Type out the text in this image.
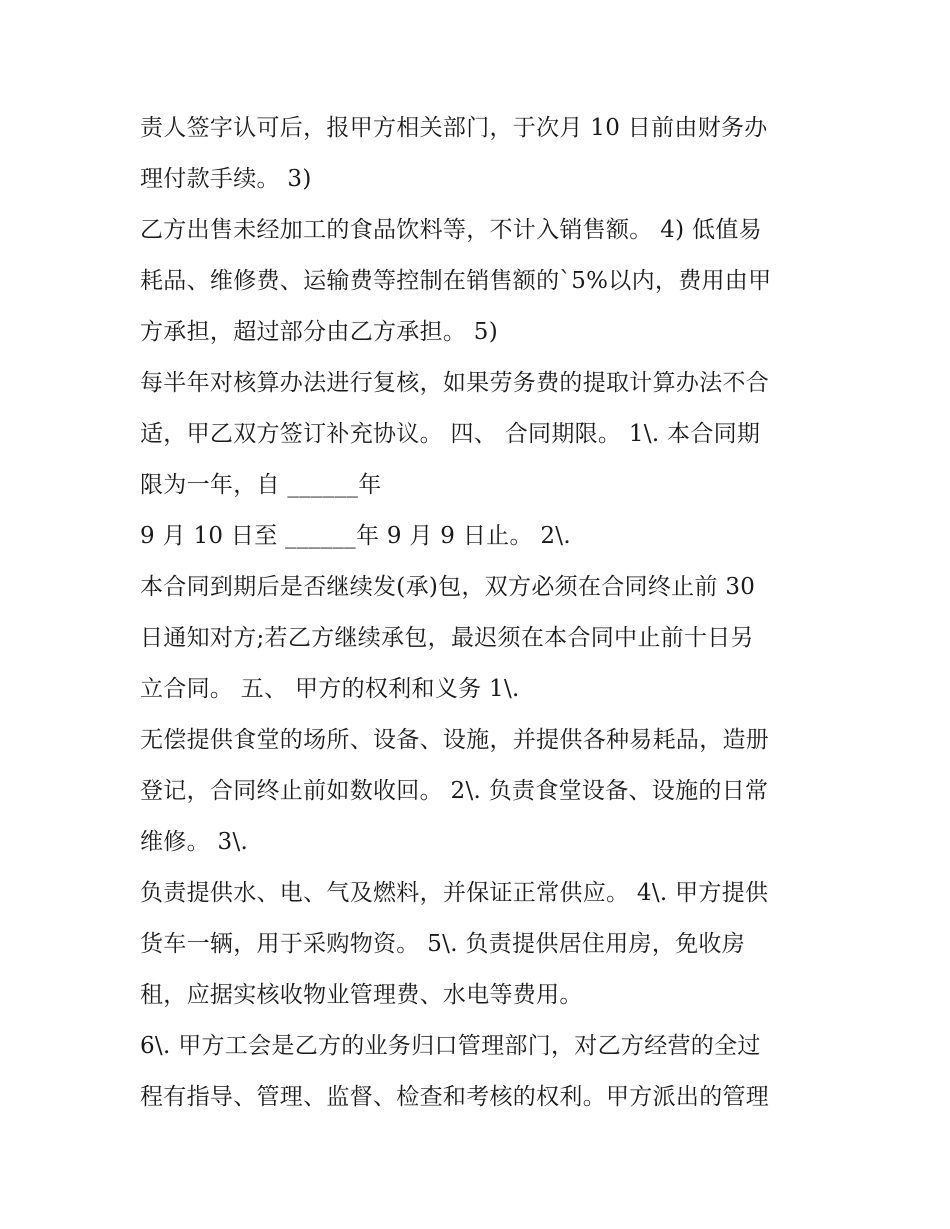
责人签字认可后，报甲方相关部门，于次月 10 日前由财务办
理付款手续。 3)
乙方出售未经加工的食品饮料等，不计入销售额。 4) 低值易
耗品、维修费、运输费等控制在销售额的`5%以内，费用由甲
方承担，超过部分由乙方承担。 5)
每半年对核算办法进行复核，如果劳务费的提取计算办法不合
适，甲乙双方签订补充协议。 四、 合同期限。 1\. 本合同期
限为一年，自 ______年
9 月 10 日至 ______年 9 月 9 日止。 2\.
本合同到期后是否继续发(承)包，双方必须在合同终止前 30
日通知对方;若乙方继续承包，最迟须在本合同中止前十日另
立合同。 五、 甲方的权利和义务 1\.
无偿提供食堂的场所、设备、设施，并提供各种易耗品，造册
登记，合同终止前如数收回。 2\. 负责食堂设备、设施的日常
维修。 3\.
负责提供水、电、气及燃料，并保证正常供应。 4\. 甲方提供
货车一辆，用于采购物资。 5\. 负责提供居住用房，免收房
租，应据实核收物业管理费、水电等费用。
6\. 甲方工会是乙方的业务归口管理部门，对乙方经营的全过
程有指导、管理、监督、检查和考核的权利。甲方派出的管理
